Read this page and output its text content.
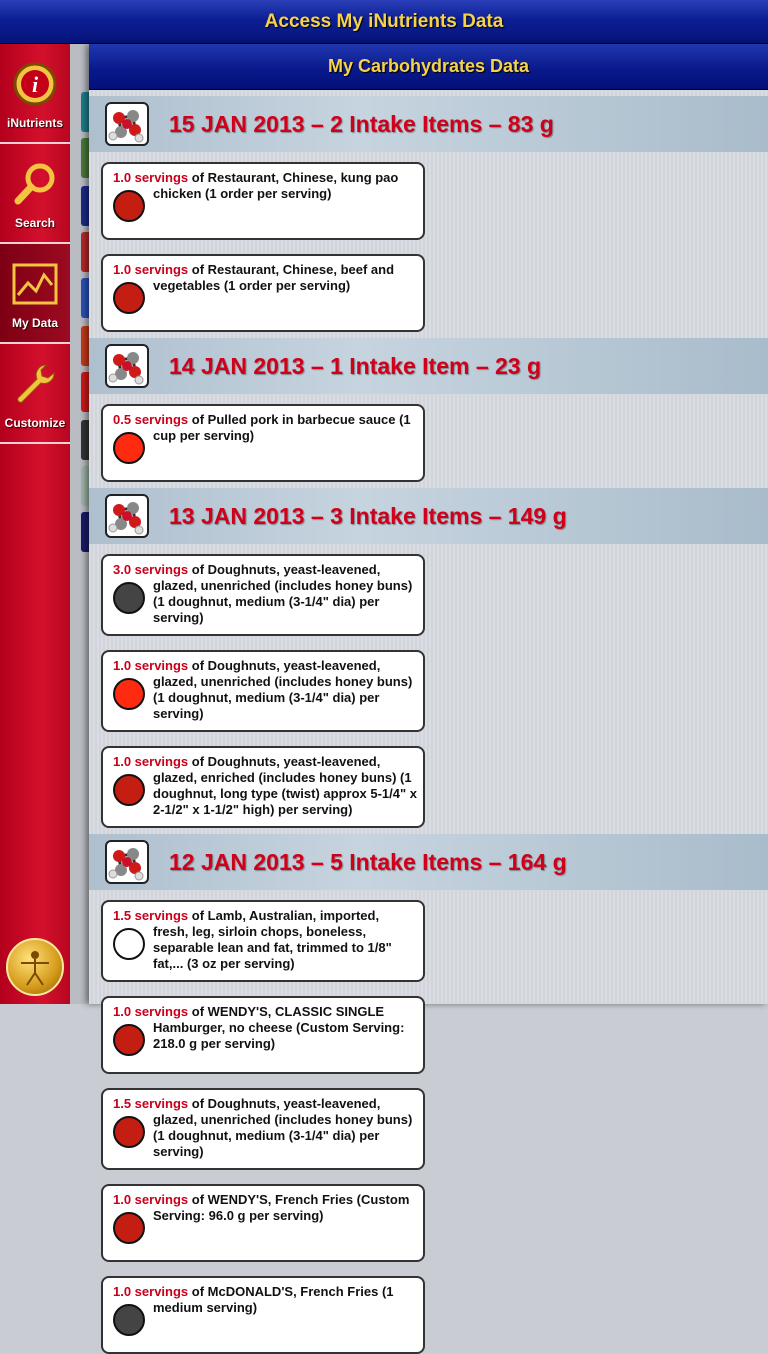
Access My iNutrients Data
i
iNutrients
Search
My Data
Customize
My Carbohydrates Data
15 JAN 2013 – 2 Intake Items – 83 g

1.0 servings of Restaurant, Chinese, kung pao chicken (1 order per serving)

1.0 servings of Restaurant, Chinese, beef and vegetables (1 order per serving)

14 JAN 2013 – 1 Intake Item – 23 g

0.5 servings of Pulled pork in barbecue sauce (1 cup per serving)

13 JAN 2013 – 3 Intake Items – 149 g

3.0 servings of Doughnuts, yeast-leavened, glazed, unenriched (includes honey buns) (1 doughnut, medium (3-1/4" dia) per serving)

1.0 servings of Doughnuts, yeast-leavened, glazed, unenriched (includes honey buns) (1 doughnut, medium (3-1/4" dia) per serving)

1.0 servings of Doughnuts, yeast-leavened, glazed, enriched (includes honey buns) (1 doughnut, long type (twist) approx 5-1/4" x 2-1/2" x 1-1/2" high) per serving)

12 JAN 2013 – 5 Intake Items – 164 g

1.5 servings of Lamb, Australian, imported, fresh, leg, sirloin chops, boneless, separable lean and fat, trimmed to 1/8" fat,... (3 oz per serving)

1.0 servings of WENDY'S, CLASSIC SINGLE Hamburger, no cheese (Custom Serving: 218.0 g per serving)

1.5 servings of Doughnuts, yeast-leavened, glazed, unenriched (includes honey buns) (1 doughnut, medium (3-1/4" dia) per serving)

1.0 servings of WENDY'S, French Fries (Custom Serving: 96.0 g per serving)

1.0 servings of McDONALD'S, French Fries (1 medium serving)
